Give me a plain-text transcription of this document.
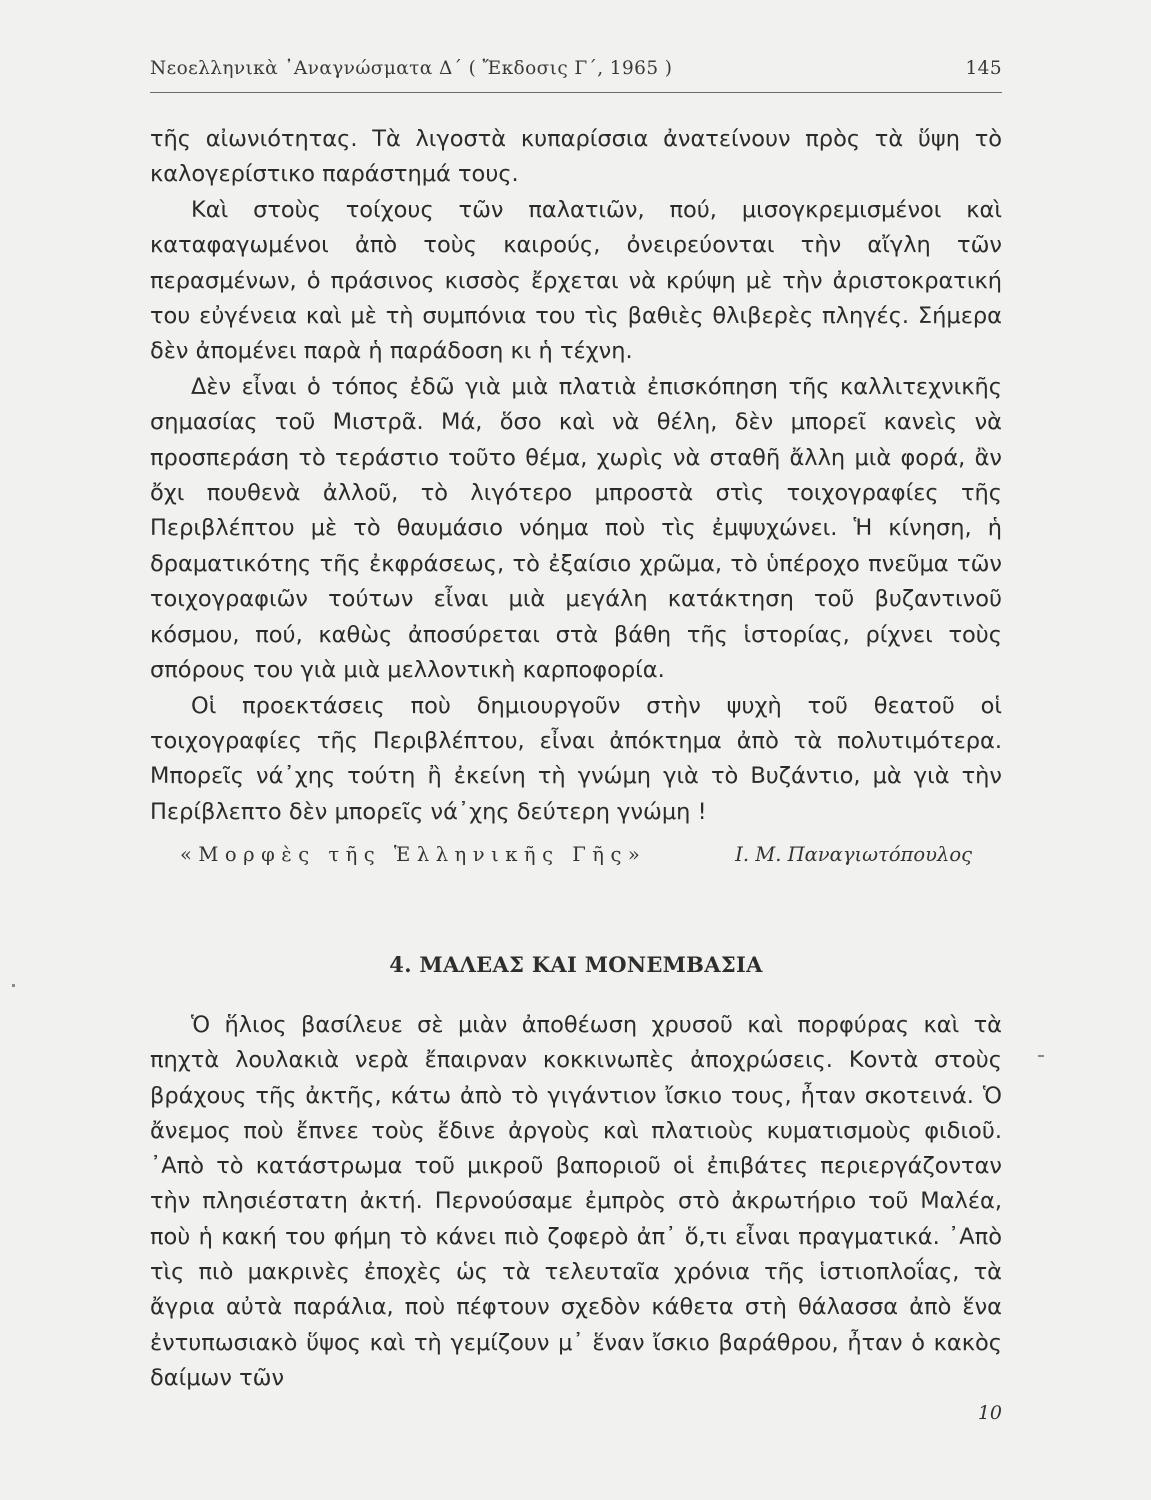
Νεοελληνικὰ ᾿Αναγνώσματα Δ΄ ( Ἔκδοσις Γ΄, 1965 )	145

τῆς αἰωνιότητας. Τὰ λιγοστὰ κυπαρίσσια ἀνατείνουν πρὸς τὰ ὕψη τὸ καλογερίστικο παράστημά τους.

Καὶ στοὺς τοίχους τῶν παλατιῶν, πού, μισογκρεμισμένοι καὶ καταφαγωμένοι ἀπὸ τοὺς καιρούς, ὀνειρεύονται τὴν αἴγλη τῶν περασμένων, ὁ πράσινος κισσὸς ἔρχεται νὰ κρύψη μὲ τὴν ἀριστοκρατική του εὐγένεια καὶ μὲ τὴ συμπόνια του τὶς βαθιὲς θλιβερὲς πληγές. Σήμερα δὲν ἀπομένει παρὰ ἡ παράδοση κι ἡ τέχνη.

Δὲν εἶναι ὁ τόπος ἐδῶ γιὰ μιὰ πλατιὰ ἐπισκόπηση τῆς καλλιτεχνικῆς σημασίας τοῦ Μιστρᾶ. Μά, ὅσο καὶ νὰ θέλη, δὲν μπορεῖ κανεὶς νὰ προσπεράση τὸ τεράστιο τοῦτο θέμα, χωρὶς νὰ σταθῆ ἄλλη μιὰ φορά, ἂν ὄχι πουθενὰ ἀλλοῦ, τὸ λιγότερο μπροστὰ στὶς τοιχογραφίες τῆς Περιβλέπτου μὲ τὸ θαυμάσιο νόημα ποὺ τὶς ἐμψυχώνει. Ἡ κίνηση, ἡ δραματικότης τῆς ἐκφράσεως, τὸ ἐξαίσιο χρῶμα, τὸ ὑπέροχο πνεῦμα τῶν τοιχογραφιῶν τούτων εἶναι μιὰ μεγάλη κατάκτηση τοῦ βυζαντινοῦ κόσμου, πού, καθὼς ἀποσύρεται στὰ βάθη τῆς ἱστορίας, ρίχνει τοὺς σπόρους του γιὰ μιὰ μελλοντικὴ καρποφορία.

Οἱ προεκτάσεις ποὺ δημιουργοῦν στὴν ψυχὴ τοῦ θεατοῦ οἱ τοιχογραφίες τῆς Περιβλέπτου, εἶναι ἀπόκτημα ἀπὸ τὰ πολυτιμότερα. Μπορεῖς νά᾿χης τούτη ἢ ἐκείνη τὴ γνώμη γιὰ τὸ Βυζάντιο, μὰ γιὰ τὴν Περίβλεπτο δὲν μπορεῖς νά᾿χης δεύτερη γνώμη !

«Μορφὲς τῆς Ἑλληνικῆς Γῆς»	Ι. Μ. Παναγιωτόπουλος
4. ΜΑΛΕΑΣ ΚΑΙ ΜΟΝΕΜΒΑΣΙΑ

Ὁ ἥλιος βασίλευε σὲ μιὰν ἀποθέωση χρυσοῦ καὶ πορφύρας καὶ τὰ πηχτὰ λουλακιὰ νερὰ ἔπαιρναν κοκκινωπὲς ἀποχρώσεις. Κοντὰ στοὺς βράχους τῆς ἀκτῆς, κάτω ἀπὸ τὸ γιγάντιον ἴσκιο τους, ἦταν σκοτεινά. Ὁ ἄνεμος ποὺ ἔπνεε τοὺς ἔδινε ἀργοὺς καὶ πλατιοὺς κυματισμοὺς φιδιοῦ. ᾿Απὸ τὸ κατάστρωμα τοῦ μικροῦ βαποριοῦ οἱ ἐπιβάτες περιεργάζονταν τὴν πλησιέστατη ἀκτή. Περνούσαμε ἐμπρὸς στὸ ἀκρωτήριο τοῦ Μαλέα, ποὺ ἡ κακή του φήμη τὸ κάνει πιὸ ζοφερὸ ἀπ᾿ ὅ,τι εἶναι πραγματικά. ᾿Απὸ τὶς πιὸ μακρινὲς ἐποχὲς ὡς τὰ τελευταῖα χρόνια τῆς ἱστιοπλοΐας, τὰ ἄγρια αὐτὰ παράλια, ποὺ πέφτουν σχεδὸν κάθετα στὴ θάλασσα ἀπὸ ἕνα ἐντυπωσιακὸ ὕψος καὶ τὴ γεμίζουν μ᾿ ἕναν ἴσκιο βαράθρου, ἦταν ὁ κακὸς δαίμων τῶν

10
